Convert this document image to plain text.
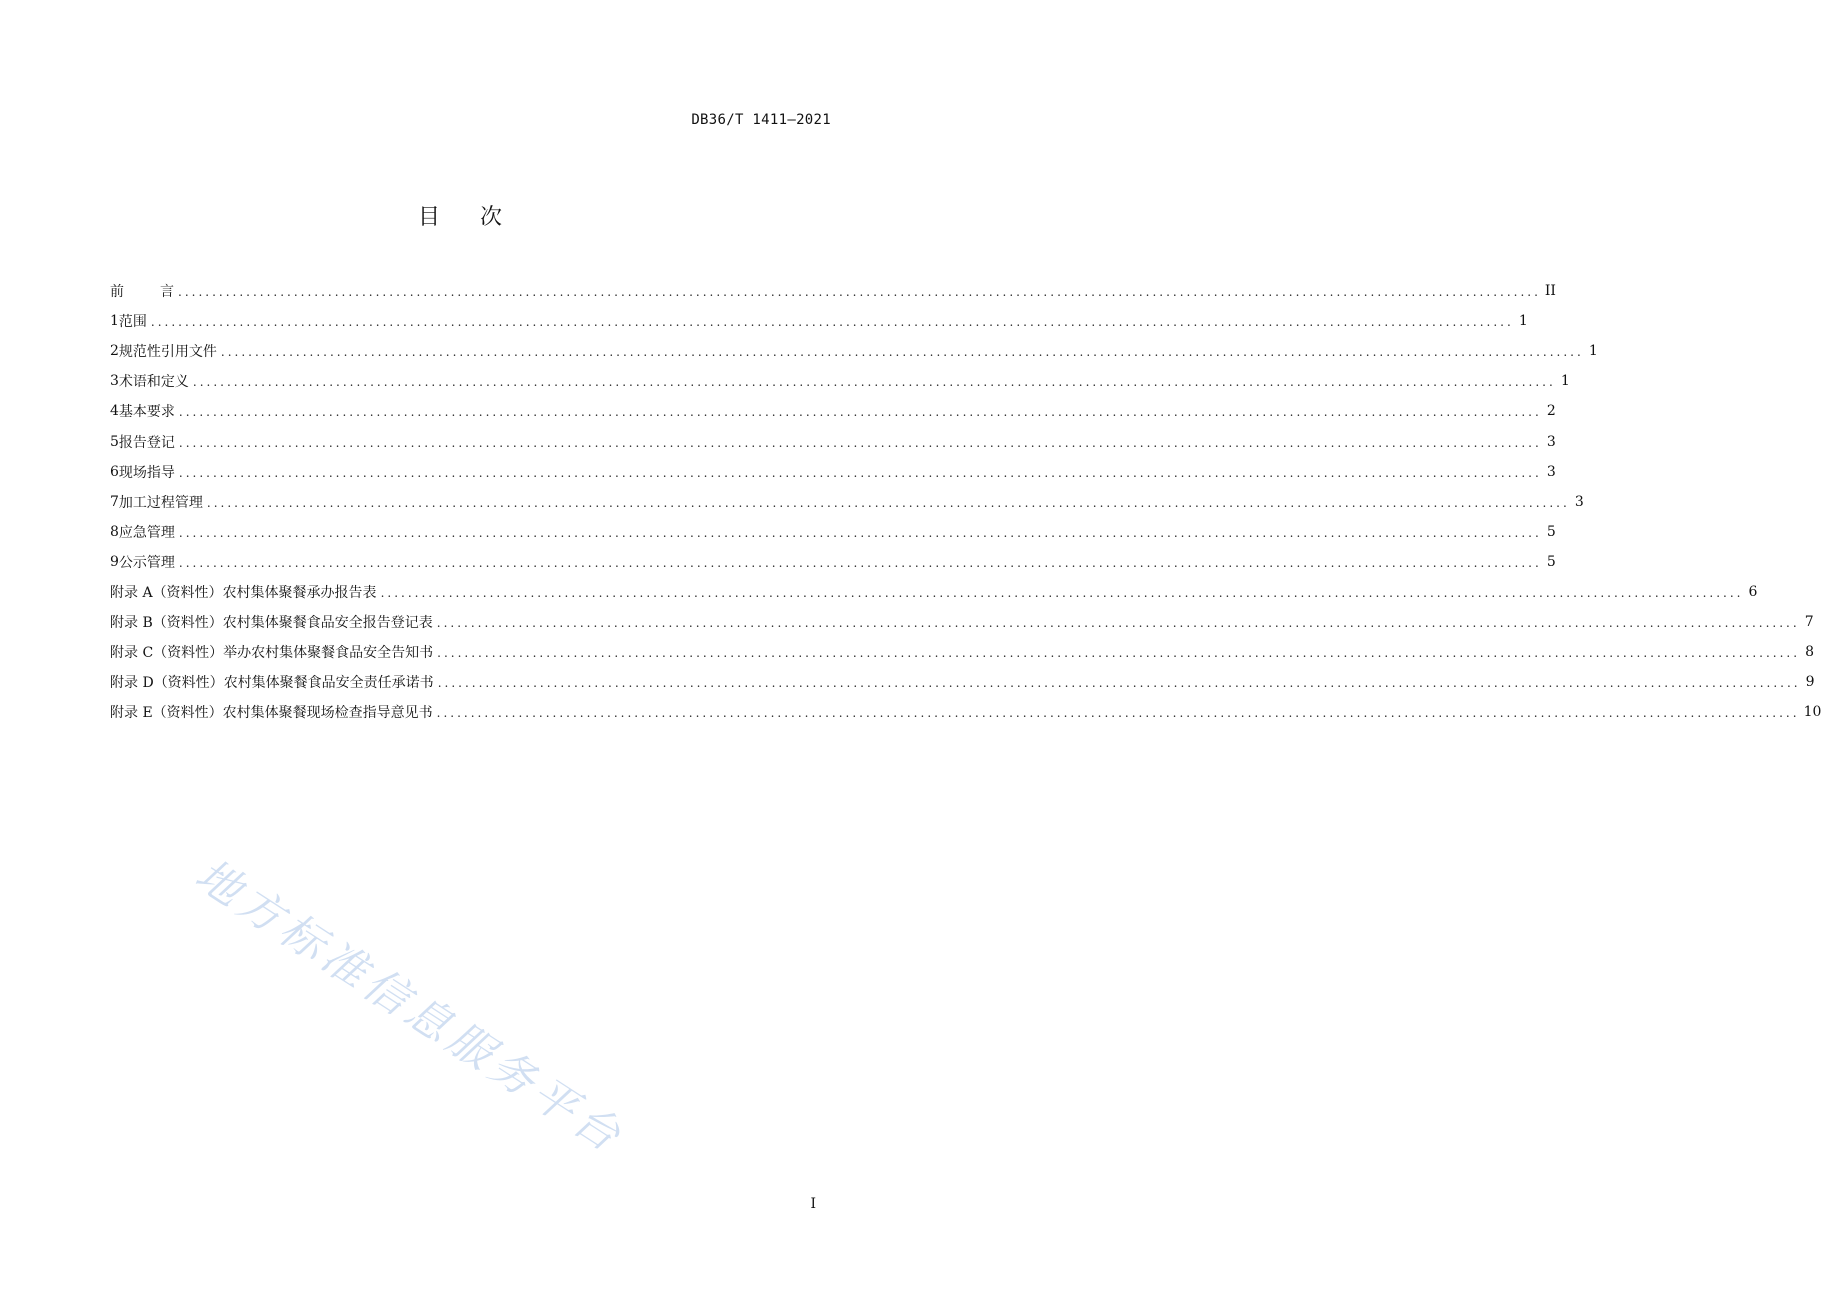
DB36/T 1411—2021
目 次
前	言 ........................................................................................................................................................................................................ II
1 范围 ........................................................................................................................................................................................................ 1
2 规范性引用文件 ........................................................................................................................................................................................................ 1
3 术语和定义 ........................................................................................................................................................................................................ 1
4 基本要求 ........................................................................................................................................................................................................ 2
5 报告登记 ........................................................................................................................................................................................................ 3
6 现场指导 ........................................................................................................................................................................................................ 3
7 加工过程管理 ........................................................................................................................................................................................................ 3
8 应急管理 ........................................................................................................................................................................................................ 5
9 公示管理 ........................................................................................................................................................................................................ 5
附录 A （资料性） 农村集体聚餐承办报告表 ........................................................................................................................................................................................................ 6
附录 B （资料性） 农村集体聚餐食品安全报告登记表 ........................................................................................................................................................................................................ 7
附录 C （资料性） 举办农村集体聚餐食品安全告知书 ........................................................................................................................................................................................................ 8
附录 D （资料性） 农村集体聚餐食品安全责任承诺书 ........................................................................................................................................................................................................ 9
附录 E （资料性） 农村集体聚餐现场检查指导意见书 ........................................................................................................................................................................................................ 10
地方标准信息服务平台
I
